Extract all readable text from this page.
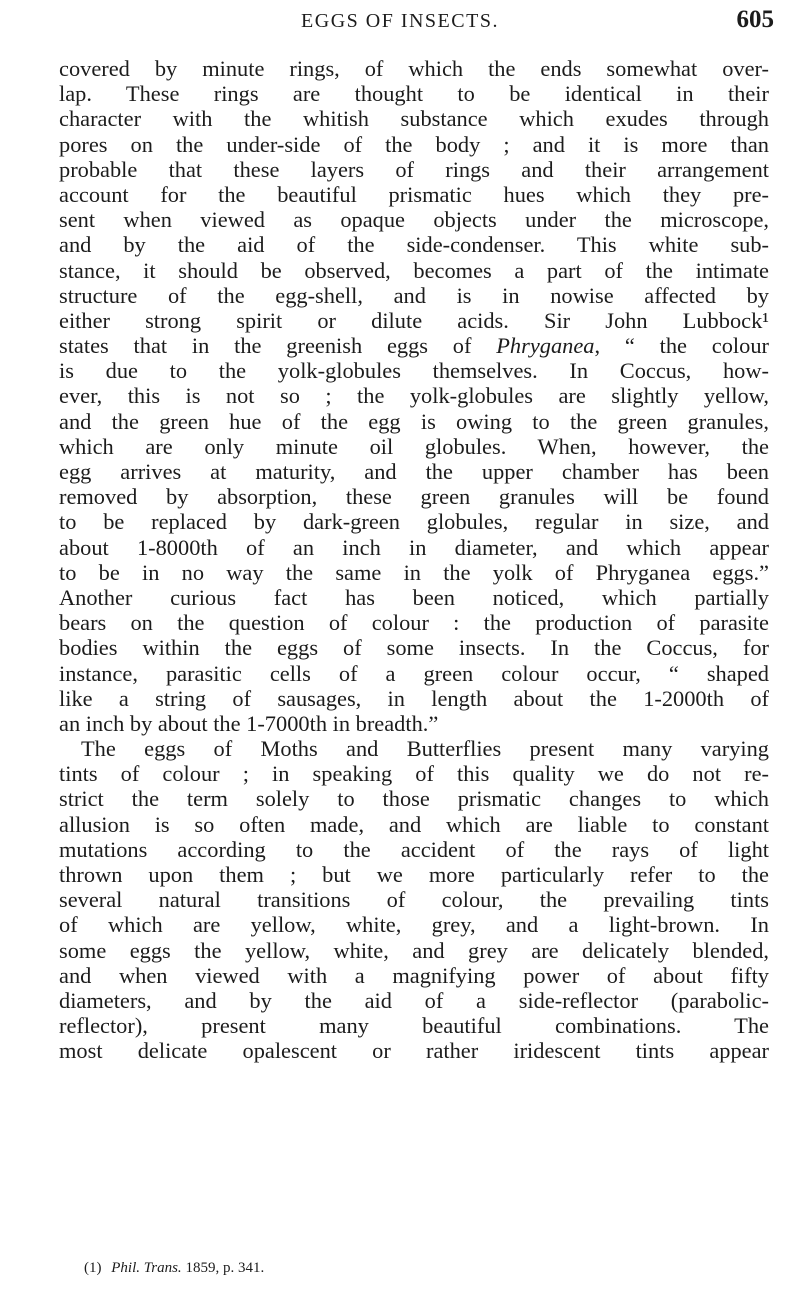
EGGS OF INSECTS.	605
covered by minute rings, of which the ends somewhat over-
lap. These rings are thought to be identical in their
character with the whitish substance which exudes through
pores on the under-side of the body ; and it is more than
probable that these layers of rings and their arrangement
account for the beautiful prismatic hues which they pre-
sent when viewed as opaque objects under the microscope,
and by the aid of the side-condenser. This white sub-
stance, it should be observed, becomes a part of the intimate
structure of the egg-shell, and is in nowise affected by
either strong spirit or dilute acids. Sir John Lubbock¹
states that in the greenish eggs of Phryganea, “ the colour
is due to the yolk-globules themselves. In Coccus, how-
ever, this is not so ; the yolk-globules are slightly yellow,
and the green hue of the egg is owing to the green granules,
which are only minute oil globules. When, however, the
egg arrives at maturity, and the upper chamber has been
removed by absorption, these green granules will be found
to be replaced by dark-green globules, regular in size, and
about 1-8000th of an inch in diameter, and which appear
to be in no way the same in the yolk of Phryganea eggs.”
Another curious fact has been noticed, which partially
bears on the question of colour : the production of parasite
bodies within the eggs of some insects. In the Coccus, for
instance, parasitic cells of a green colour occur, “ shaped
like a string of sausages, in length about the 1-2000th of
an inch by about the 1-7000th in breadth.”
The eggs of Moths and Butterflies present many varying
tints of colour ; in speaking of this quality we do not re-
strict the term solely to those prismatic changes to which
allusion is so often made, and which are liable to constant
mutations according to the accident of the rays of light
thrown upon them ; but we more particularly refer to the
several natural transitions of colour, the prevailing tints
of which are yellow, white, grey, and a light-brown. In
some eggs the yellow, white, and grey are delicately blended,
and when viewed with a magnifying power of about fifty
diameters, and by the aid of a side-reflector (parabolic-
reflector), present many beautiful combinations. The
most delicate opalescent or rather iridescent tints appear
(1) Phil. Trans. 1859, p. 341.
